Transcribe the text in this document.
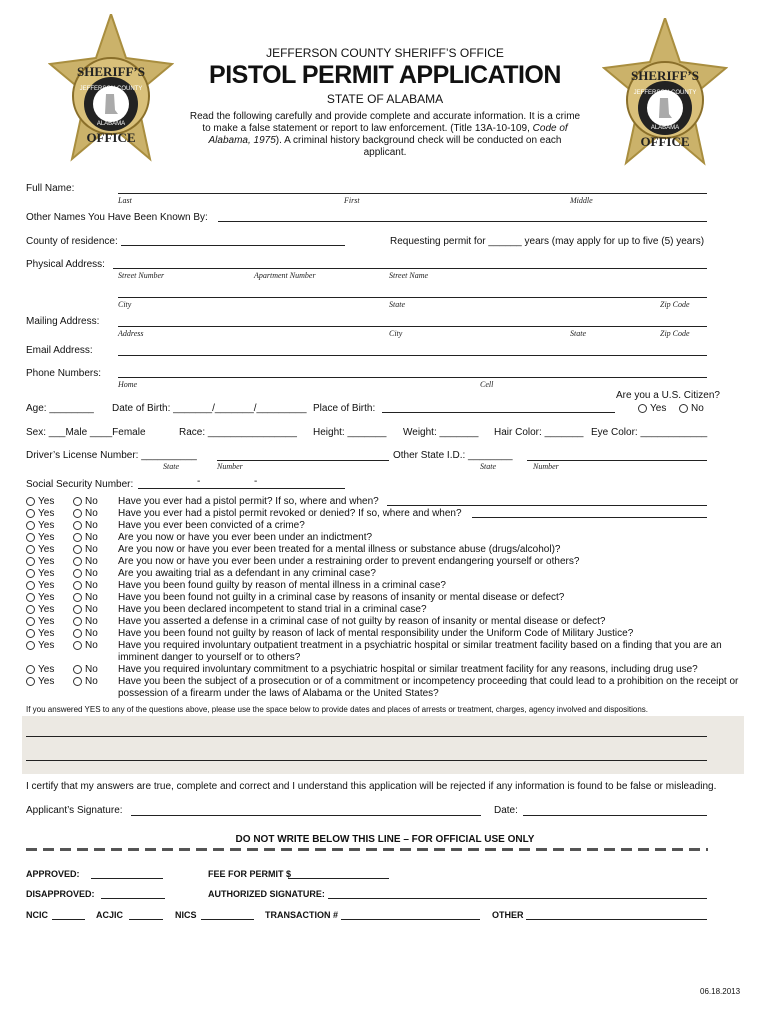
SHERIFF’S
JEFFERSON COUNTY
ALABAMA
OFFICE
SHERIFF’S
JEFFERSON COUNTY
ALABAMA
OFFICE
JEFFERSON COUNTY SHERIFF’S OFFICE
PISTOL PERMIT APPLICATION
STATE OF ALABAMA
Read the following carefully and provide complete and accurate information. It is a crime
to make a false statement or report to law enforcement. (Title 13A-10-109, Code of
Alabama, 1975). A criminal history background check will be conducted on each
applicant.
Full Name:
Last	First	Middle
Other Names You Have Been Known By:
County of residence:	Requesting permit for ______ years (may apply for up to five (5) years)
Physical Address:
Street Number	Apartment Number	Street Name
City	State	Zip Code
Mailing Address:
Address	City	State	Zip Code
Email Address:
Phone Numbers:
Home	Cell
Are you a U.S. Citizen?
Yes	No
Age: ________ Date of Birth: _______/_______/_________ Place of Birth:
Sex: ___Male ____Female	Race: ________________ Height: _______ Weight: _______ Hair Color: _______ Eye Color: ____________
Driver’s License Number: __________	Other State I.D.: ________
State	Number	State	Number
Social Security Number:	-	-
Yes	No Have you ever had a pistol permit? If so, where and when?
Yes	No Have you ever had a pistol permit revoked or denied? If so, where and when?
Yes	No Have you ever been convicted of a crime?
Yes	No Are you now or have you ever been under an indictment?
Yes	No Are you now or have you ever been treated for a mental illness or substance abuse (drugs/alcohol)?
Yes	No Are you now or have you ever been under a restraining order to prevent endangering yourself or others?
Yes	No Are you awaiting trial as a defendant in any criminal case?
Yes	No Have you been found guilty by reason of mental illness in a criminal case?
Yes	No Have you been found not guilty in a criminal case by reasons of insanity or mental disease or defect?
Yes	No Have you been declared incompetent to stand trial in a criminal case?
Yes	No Have you asserted a defense in a criminal case of not guilty by reason of insanity or mental disease or defect?
Yes	No Have you been found not guilty by reason of lack of mental responsibility under the Uniform Code of Military Justice?
Yes	No Have you required involuntary outpatient treatment in a psychiatric hospital or similar treatment facility based on a finding that you are an imminent danger to yourself or to others?
Yes	No Have you required involuntary commitment to a psychiatric hospital or similar treatment facility for any reasons, including drug use?
Yes	No Have you been the subject of a prosecution or of a commitment or incompetency proceeding that could lead to a prohibition on the receipt or possession of a firearm under the laws of Alabama or the United States?
If you answered YES to any of the questions above, please use the space below to provide dates and places of arrests or treatment, charges, agency involved and dispositions.
I certify that my answers are true, complete and correct and I understand this application will be rejected if any information is found to be false or misleading.
Applicant’s Signature:	Date:
DO NOT WRITE BELOW THIS LINE – FOR OFFICIAL USE ONLY
APPROVED:	FEE FOR PERMIT $
DISAPPROVED:	AUTHORIZED SIGNATURE:
NCIC	ACJIC	NICS	TRANSACTION #	OTHER
06.18.2013
